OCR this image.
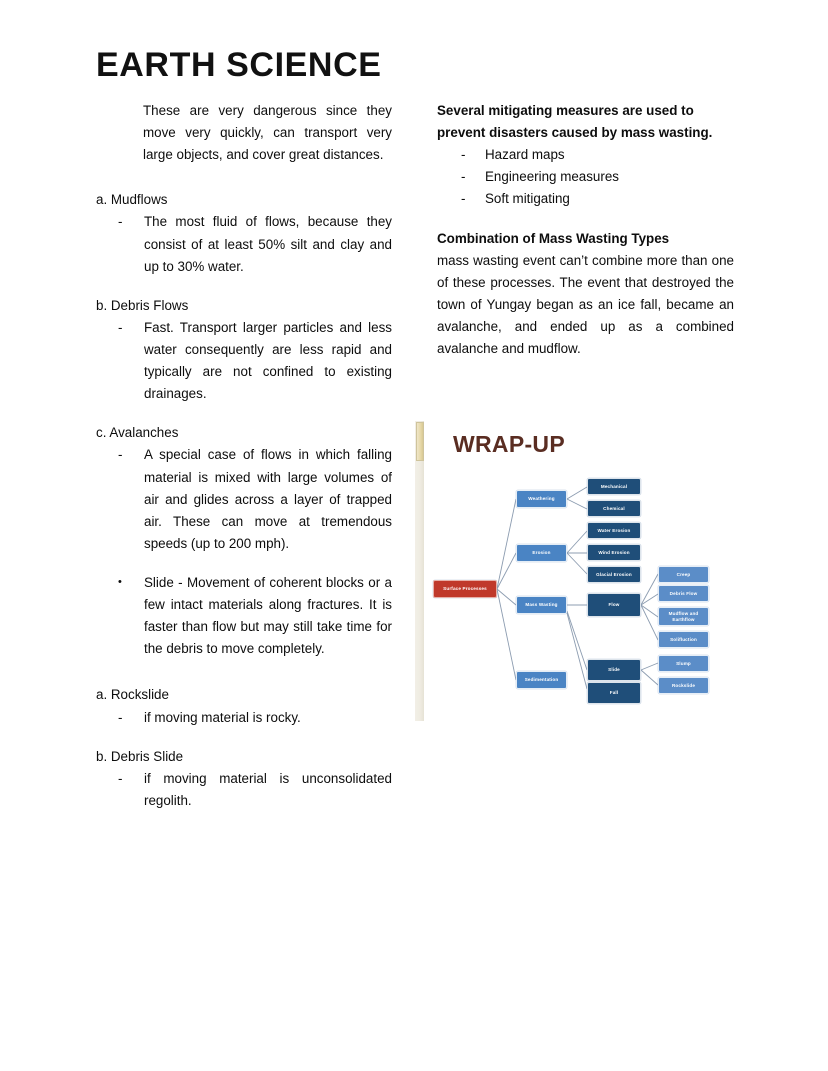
EARTH SCIENCE
These are very dangerous since they move very quickly, can transport very large objects, and cover great distances.
a. Mudflows
-	The most fluid of flows, because they consist of at least 50% silt and clay and up to 30% water.
b. Debris Flows
-	Fast. Transport larger particles and less water consequently are less rapid and typically are not confined to existing drainages.
c. Avalanches
-	A special case of flows in which falling material is mixed with large volumes of air and glides across a layer of trapped air. These can move at tremendous speeds (up to 200 mph).
•	Slide - Movement of coherent blocks or a few intact materials along fractures. It is faster than flow but may still take time for the debris to move completely.
a. Rockslide
-	if moving material is rocky.
b. Debris Slide
-	if moving material is unconsolidated regolith.
Several mitigating measures are used to prevent disasters caused by mass wasting.
-	Hazard maps
-	Engineering measures
-	Soft mitigating
Combination of Mass Wasting Types
mass wasting event can’t combine more than one of these processes. The event that destroyed the town of Yungay began as an ice fall, became an avalanche, and ended up as a combined avalanche and mudflow.
WRAP-UP
Surface Processes
Weathering
Erosion
Mass Wasting
Sedimentation
Mechanical
Chemical
Water Erosion
Wind Erosion
Glacial Erosion
Flow
Slide
Fall
Creep
Debris Flow
Mudflow and Earthflow
Solifluction
Slump
Rockslide
